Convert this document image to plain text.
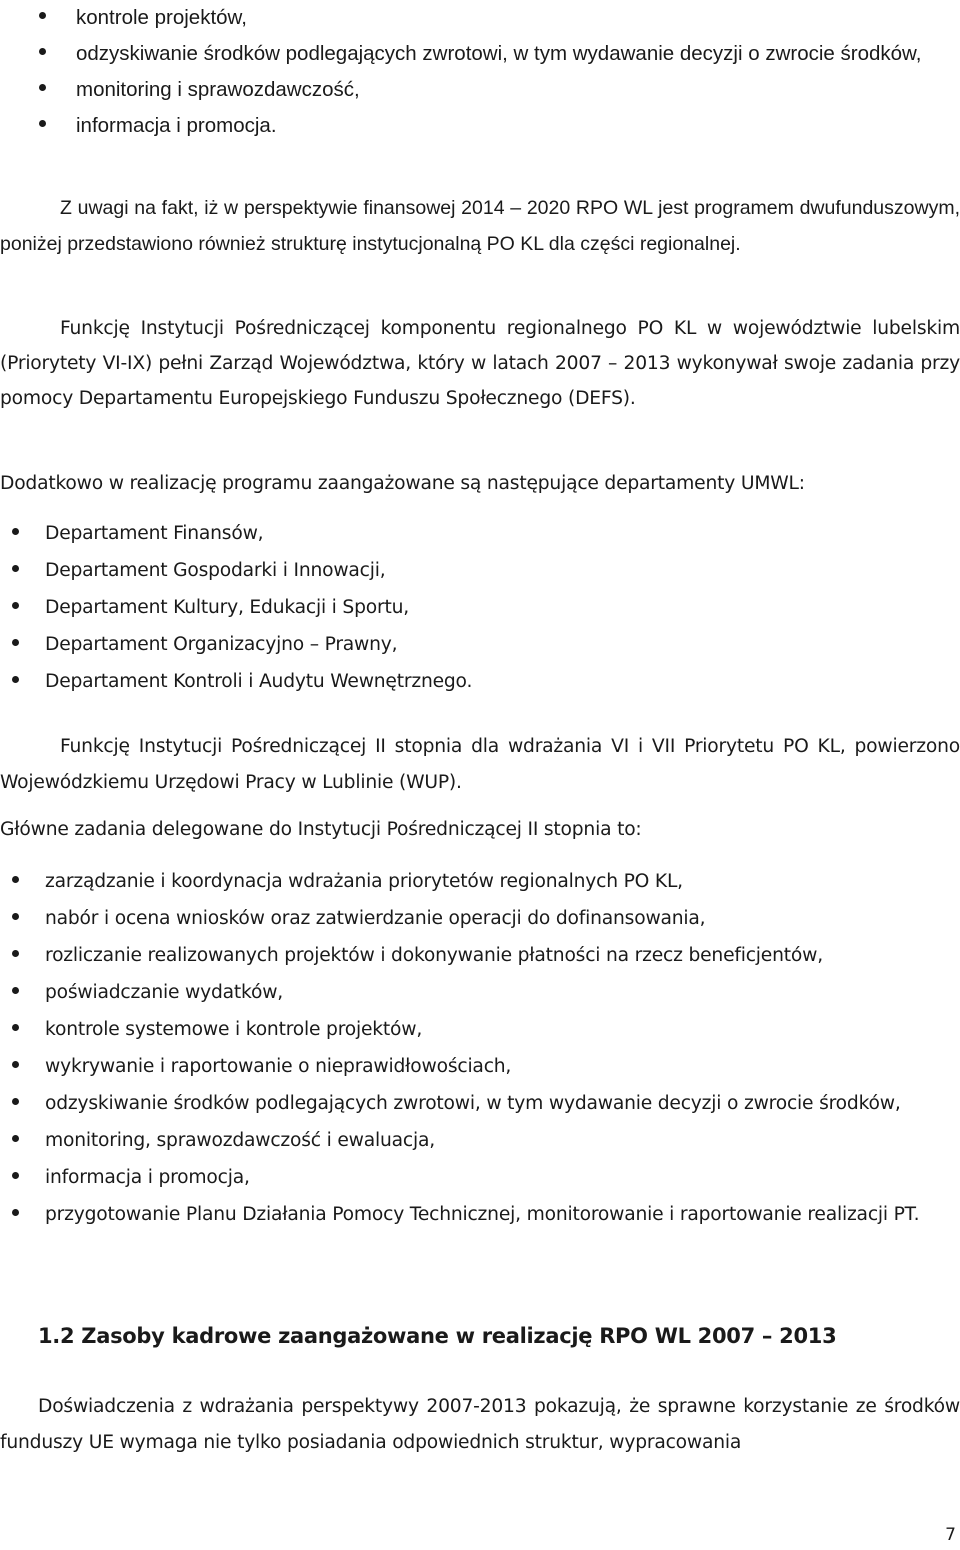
kontrole projektów,
odzyskiwanie środków podlegających zwrotowi, w tym wydawanie decyzji o zwrocie środków,
monitoring i sprawozdawczość,
informacja i promocja.

Z uwagi na fakt, iż w perspektywie finansowej 2014 – 2020 RPO WL jest programem dwufunduszowym, poniżej przedstawiono również strukturę instytucjonalną PO KL dla części regionalnej.

Funkcję Instytucji Pośredniczącej komponentu regionalnego PO KL w województwie lubelskim (Priorytety VI-IX) pełni Zarząd Województwa, który w latach 2007 – 2013 wykonywał swoje zadania przy pomocy Departamentu Europejskiego Funduszu Społecznego (DEFS).

Dodatkowo w realizację programu zaangażowane są następujące departamenty UMWL:

Departament Finansów,
Departament Gospodarki i Innowacji,
Departament Kultury, Edukacji i Sportu,
Departament Organizacyjno – Prawny,
Departament Kontroli i Audytu Wewnętrznego.

Funkcję Instytucji Pośredniczącej II stopnia dla wdrażania VI i VII Priorytetu PO KL, powierzono Wojewódzkiemu Urzędowi Pracy w Lublinie (WUP).

Główne zadania delegowane do Instytucji Pośredniczącej II stopnia to:

zarządzanie i koordynacja wdrażania priorytetów regionalnych PO KL,
nabór i ocena wniosków oraz zatwierdzanie operacji do dofinansowania,
rozliczanie realizowanych projektów i dokonywanie płatności na rzecz beneficjentów,
poświadczanie wydatków,
kontrole systemowe i kontrole projektów,
wykrywanie i raportowanie o nieprawidłowościach,
odzyskiwanie środków podlegających zwrotowi, w tym wydawanie decyzji o zwrocie środków,
monitoring, sprawozdawczość i ewaluacja,
informacja i promocja,
przygotowanie Planu Działania Pomocy Technicznej, monitorowanie i raportowanie realizacji PT.
1.2 Zasoby kadrowe zaangażowane w realizację RPO WL 2007 – 2013

Doświadczenia z wdrażania perspektywy 2007-2013 pokazują, że sprawne korzystanie ze środków funduszy UE wymaga nie tylko posiadania odpowiednich struktur, wypracowania

7
